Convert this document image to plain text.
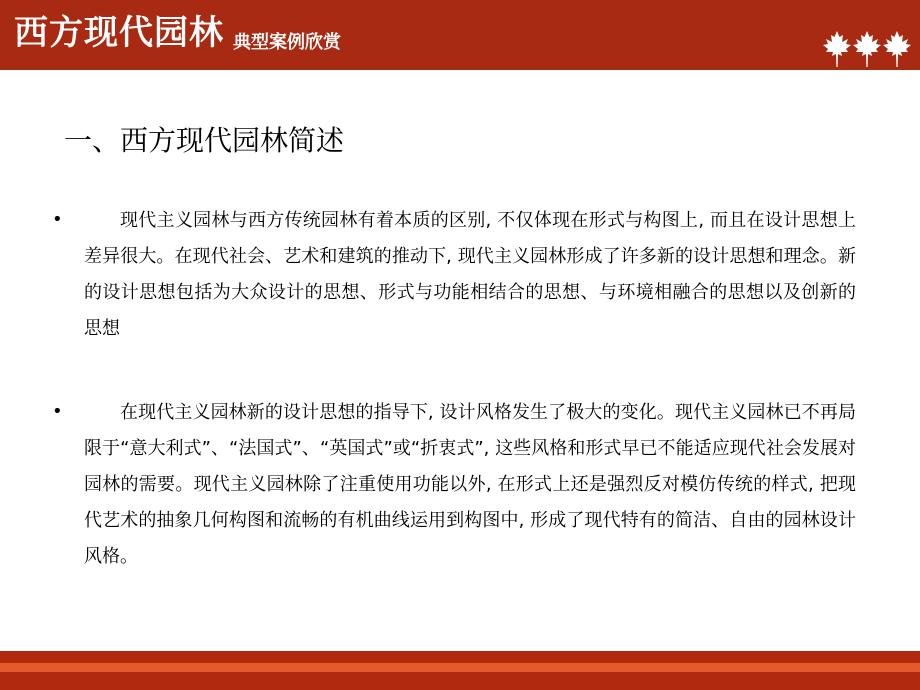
西方现代园林 典型案例欣赏
一、西方现代园林简述
•	现代主义园林与西方传统园林有着本质的区别, 不仅体现在形式与构图上, 而且在设计思想上差异很大。在现代社会、艺术和建筑的推动下, 现代主义园林形成了许多新的设计思想和理念。新的设计思想包括为大众设计的思想、形式与功能相结合的思想、与环境相融合的思想以及创新的思想
•	在现代主义园林新的设计思想的指导下, 设计风格发生了极大的变化。现代主义园林已不再局限于“意大利式”、“法国式”、“英国式”或“折衷式”, 这些风格和形式早已不能适应现代社会发展对园林的需要。现代主义园林除了注重使用功能以外, 在形式上还是强烈反对模仿传统的样式, 把现代艺术的抽象几何构图和流畅的有机曲线运用到构图中, 形成了现代特有的简洁、自由的园林设计风格。
